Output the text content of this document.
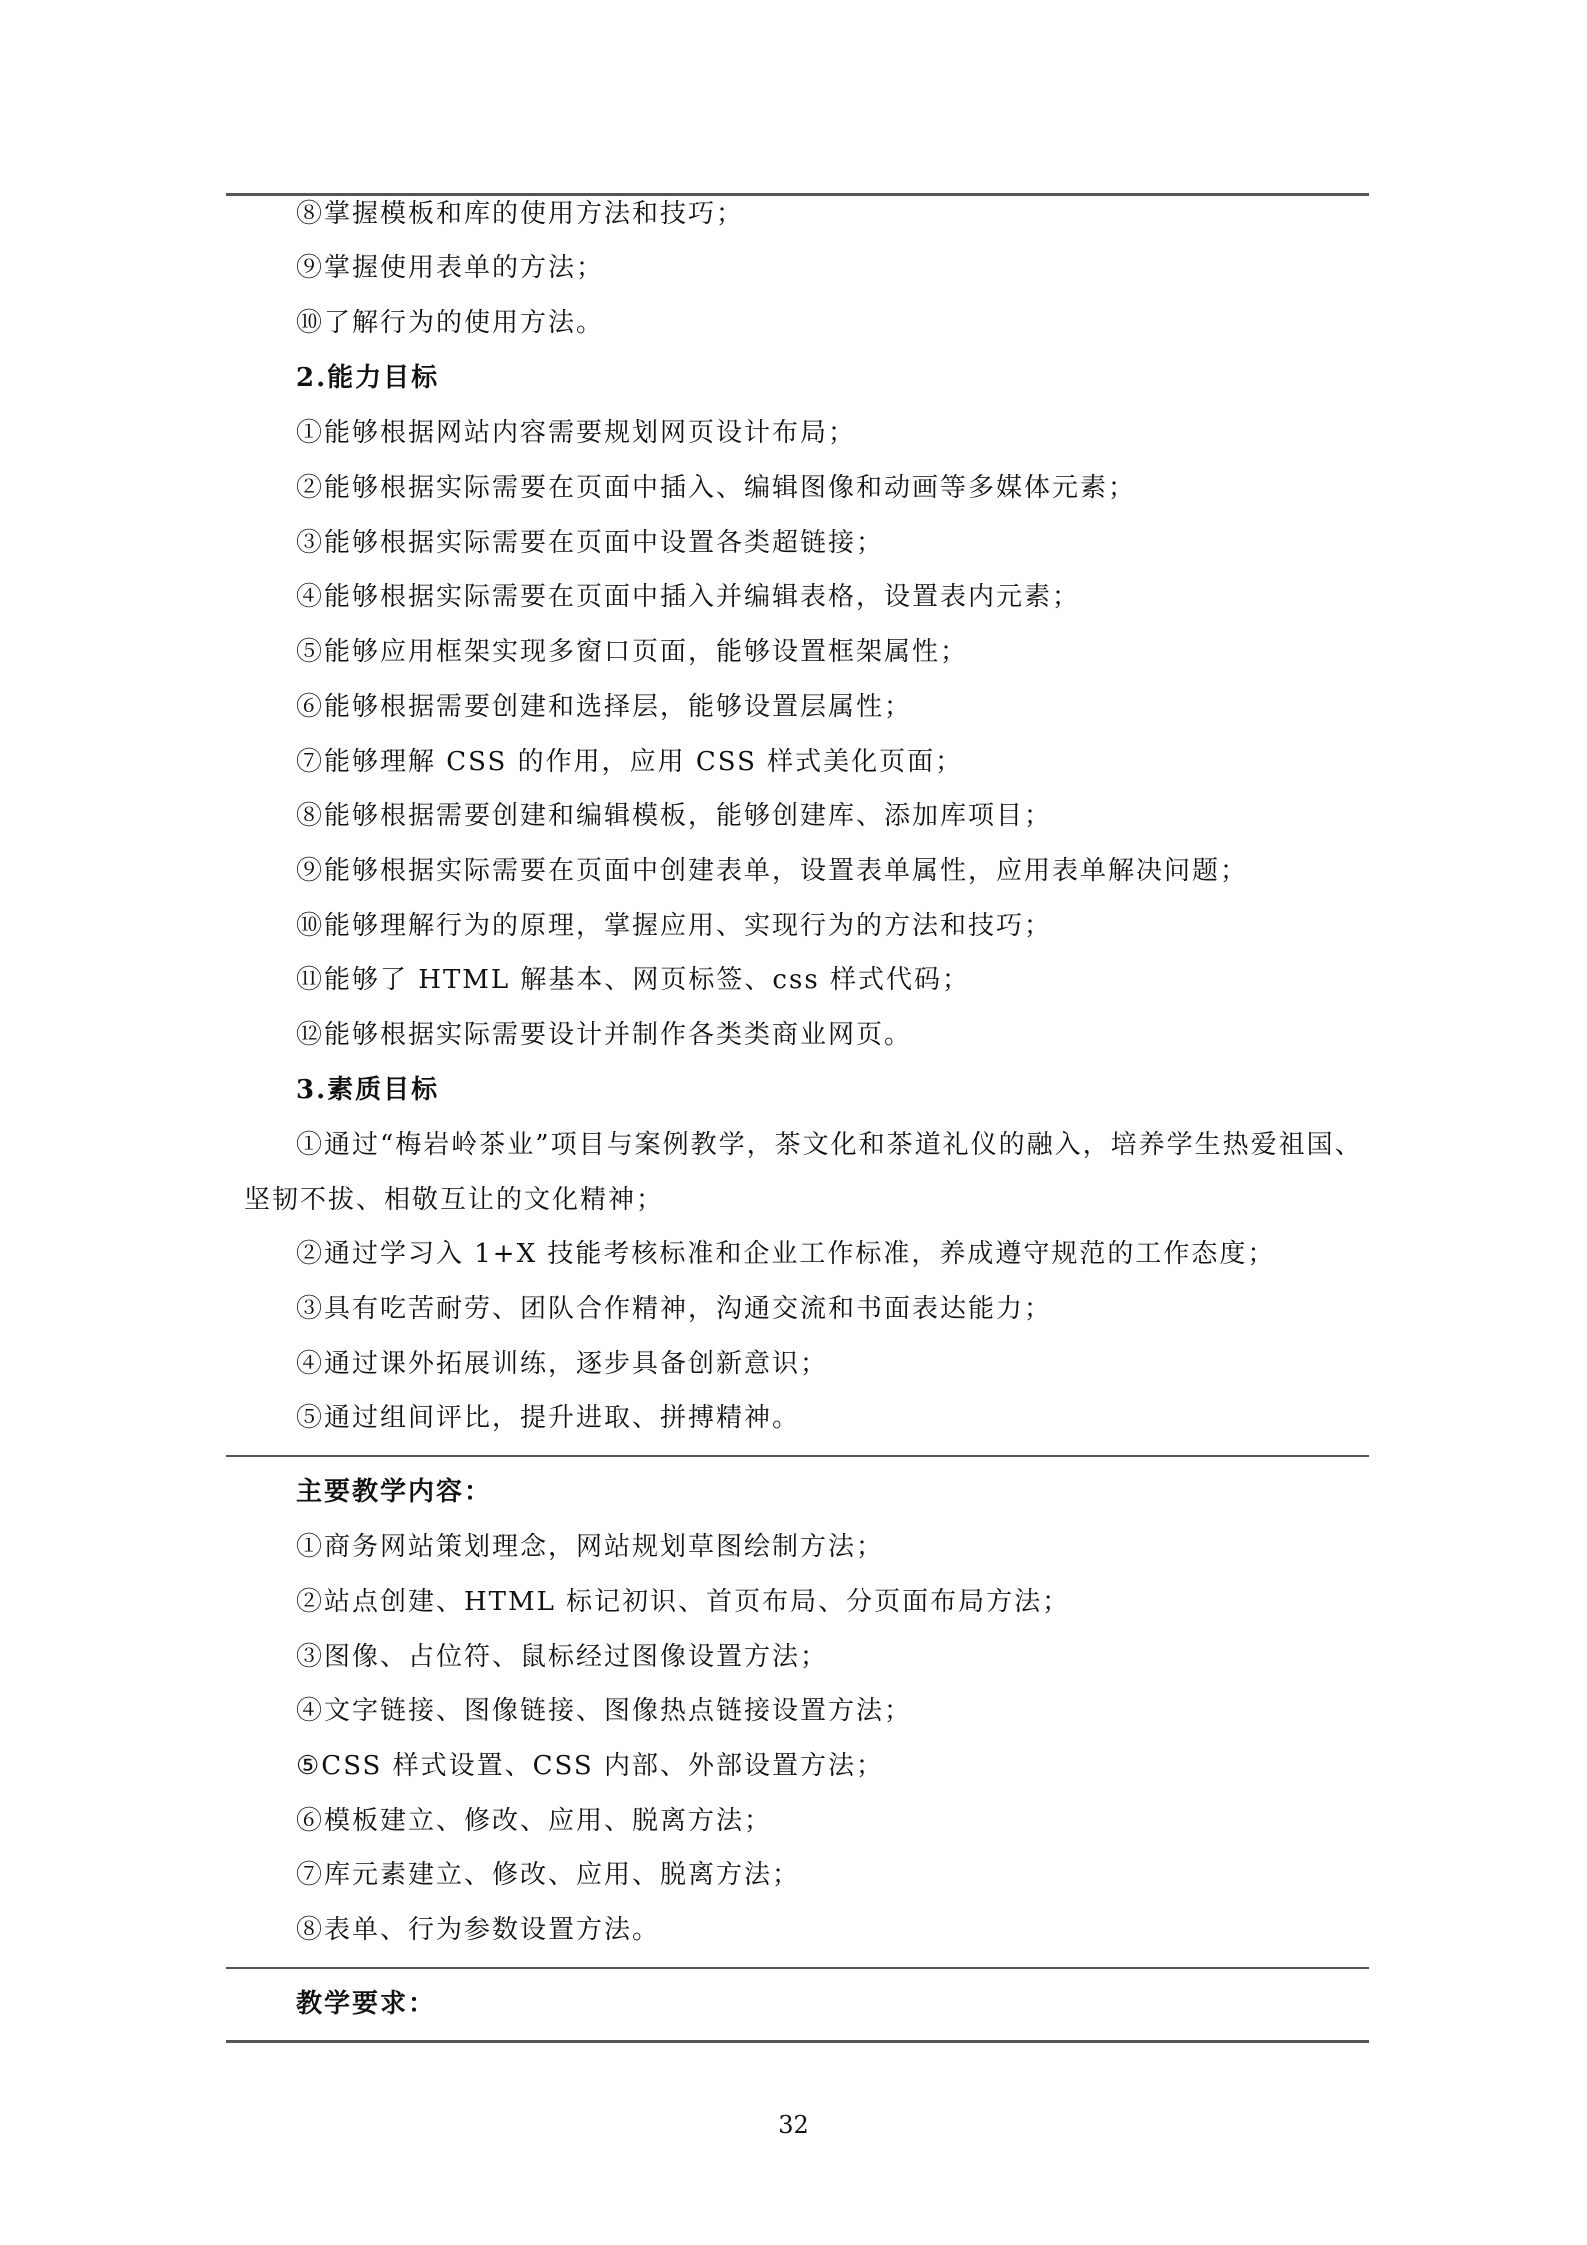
⑧掌握模板和库的使用方法和技巧；
⑨掌握使用表单的方法；
⑩了解行为的使用方法。
2.能力目标
①能够根据网站内容需要规划网页设计布局；
②能够根据实际需要在页面中插入、编辑图像和动画等多媒体元素；
③能够根据实际需要在页面中设置各类超链接；
④能够根据实际需要在页面中插入并编辑表格，设置表内元素；
⑤能够应用框架实现多窗口页面，能够设置框架属性；
⑥能够根据需要创建和选择层，能够设置层属性；
⑦能够理解 CSS 的作用，应用 CSS 样式美化页面；
⑧能够根据需要创建和编辑模板，能够创建库、添加库项目；
⑨能够根据实际需要在页面中创建表单，设置表单属性，应用表单解决问题；
⑩能够理解行为的原理，掌握应用、实现行为的方法和技巧；
⑪能够了 HTML 解基本、网页标签、css 样式代码；
⑫能够根据实际需要设计并制作各类类商业网页。
3.素质目标
①通过“梅岩岭茶业”项目与案例教学，茶文化和茶道礼仪的融入，培养学生热爱祖国、
坚韧不拔、相敬互让的文化精神；
②通过学习入 1+X 技能考核标准和企业工作标准，养成遵守规范的工作态度；
③具有吃苦耐劳、团队合作精神，沟通交流和书面表达能力；
④通过课外拓展训练，逐步具备创新意识；
⑤通过组间评比，提升进取、拼搏精神。
主要教学内容：
①商务网站策划理念，网站规划草图绘制方法；
②站点创建、HTML 标记初识、首页布局、分页面布局方法；
③图像、占位符、鼠标经过图像设置方法；
④文字链接、图像链接、图像热点链接设置方法；
⑤CSS 样式设置、CSS 内部、外部设置方法；
⑥模板建立、修改、应用、脱离方法；
⑦库元素建立、修改、应用、脱离方法；
⑧表单、行为参数设置方法。
教学要求：
32
